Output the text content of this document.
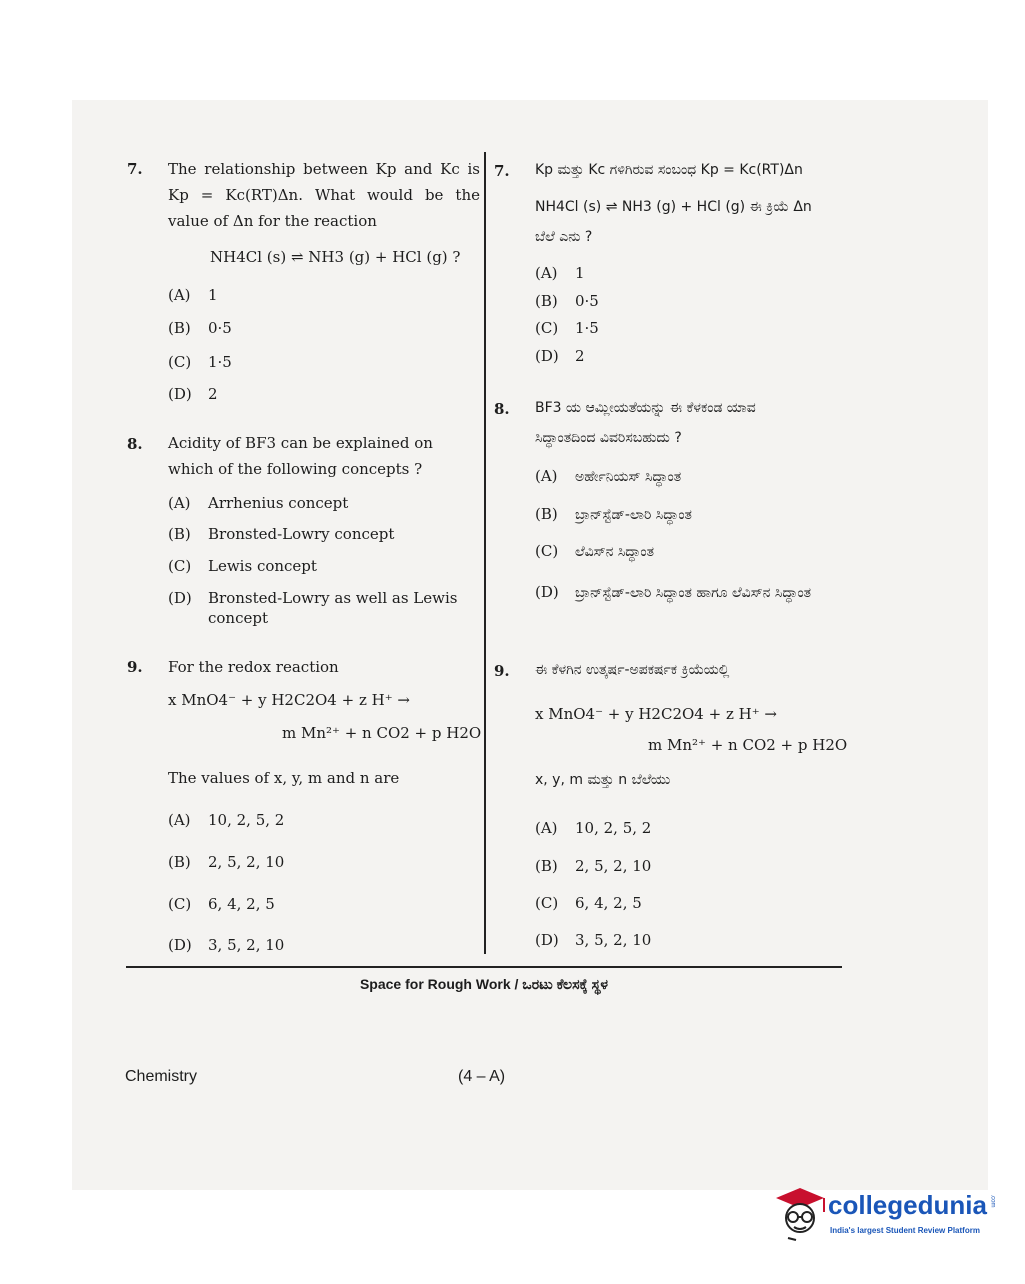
7. The relationship between Kp and Kc is Kp = Kc(RT)Δn. What would be the value of Δn for the reaction
NH4Cl (s) ⇌ NH3 (g) + HCl (g) ?
(A) 1
(B) 0·5
(C) 1·5
(D) 2
8. Acidity of BF3 can be explained on which of the following concepts ?
(A) Arrhenius concept
(B) Bronsted-Lowry concept
(C) Lewis concept
(D) Bronsted-Lowry as well as Lewis concept
9. For the redox reaction
x MnO4⁻ + y H2C2O4 + z H⁺ →
m Mn²⁺ + n CO2 + p H2O
The values of x, y, m and n are
(A) 10, 2, 5, 2
(B) 2, 5, 2, 10
(C) 6, 4, 2, 5
(D) 3, 5, 2, 10
7. Kp ಮತ್ತು Kc ಗಳಿಗಿರುವ ಸಂಬಂಧ Kp = Kc(RT)Δn
NH4Cl (s) ⇌ NH3 (g) + HCl (g) ಈ ಕ್ರಿಯೆ Δn
ಬೆಲೆ ಎನು ?
(A) 1
(B) 0·5
(C) 1·5
(D) 2
8. BF3 ಯ ಆಮ್ಲೀಯತೆಯನ್ನು ಈ ಕೆಳಕಂಡ ಯಾವ
ಸಿದ್ಧಾಂತದಿಂದ ವಿವರಿಸಬಹುದು ?
(A) ಅರ್ಹೇನಿಯಸ್ ಸಿದ್ಧಾಂತ
(B) ಬ್ರಾನ್‌ಸ್ಟೆಡ್-ಲಾರಿ ಸಿದ್ಧಾಂತ
(C) ಲೆವಿಸ್‌ನ ಸಿದ್ಧಾಂತ
(D) ಬ್ರಾನ್‌ಸ್ಟೆಡ್-ಲಾರಿ ಸಿದ್ಧಾಂತ ಹಾಗೂ ಲೆವಿಸ್‌ನ ಸಿದ್ಧಾಂತ
9. ಈ ಕೆಳಗಿನ ಉತ್ಕರ್ಷ-ಅಪಕರ್ಷಕ ಕ್ರಿಯೆಯಲ್ಲಿ
x MnO4⁻ + y H2C2O4 + z H⁺ →
m Mn²⁺ + n CO2 + p H2O
x, y, m ಮತ್ತು n ಬೆಲೆಯು
(A) 10, 2, 5, 2
(B) 2, 5, 2, 10
(C) 6, 4, 2, 5
(D) 3, 5, 2, 10
Space for Rough Work / ಒರಟು ಕೆಲಸಕ್ಕೆ ಸ್ಥಳ
Chemistry	(4 – A)
collegedunia .com
India's largest Student Review Platform
